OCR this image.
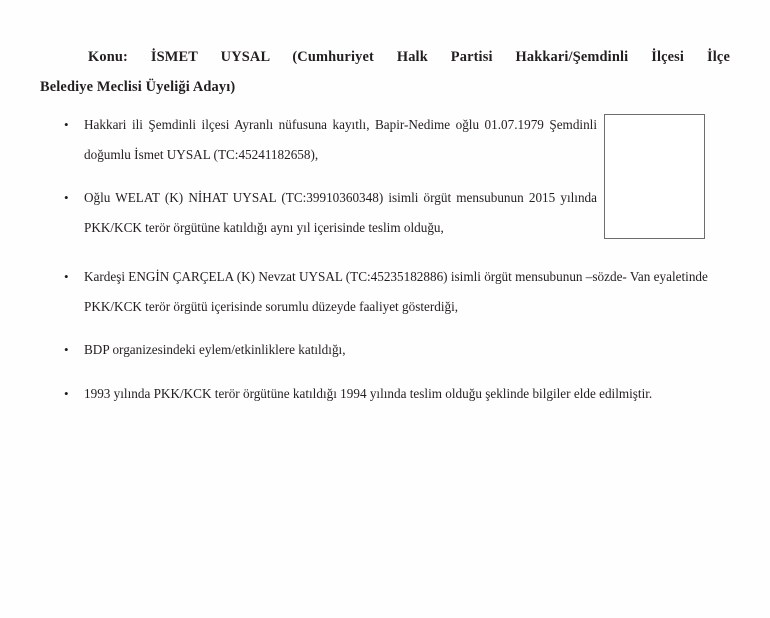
Konu: İSMET UYSAL (Cumhuriyet Halk Partisi Hakkari/Şemdinli İlçesi İlçe
Belediye Meclisi Üyeliği Adayı)
•	Hakkari ili Şemdinli ilçesi Ayranlı nüfusuna kayıtlı, Bapir-Nedime oğlu 01.07.1979 Şemdinli doğumlu İsmet UYSAL (TC:45241182658),
•	Oğlu WELAT (K) NİHAT UYSAL (TC:39910360348) isimli örgüt mensubunun 2015 yılında PKK/KCK terör örgütüne katıldığı aynı yıl içerisinde teslim olduğu,
•	Kardeşi ENGİN ÇARÇELA (K) Nevzat UYSAL (TC:45235182886) isimli örgüt mensubunun –sözde- Van eyaletinde PKK/KCK terör örgütü içerisinde sorumlu düzeyde faaliyet gösterdiği,
•	BDP organizesindeki eylem/etkinliklere katıldığı,
•	1993 yılında PKK/KCK terör örgütüne katıldığı 1994 yılında teslim olduğu şeklinde bilgiler elde edilmiştir.
